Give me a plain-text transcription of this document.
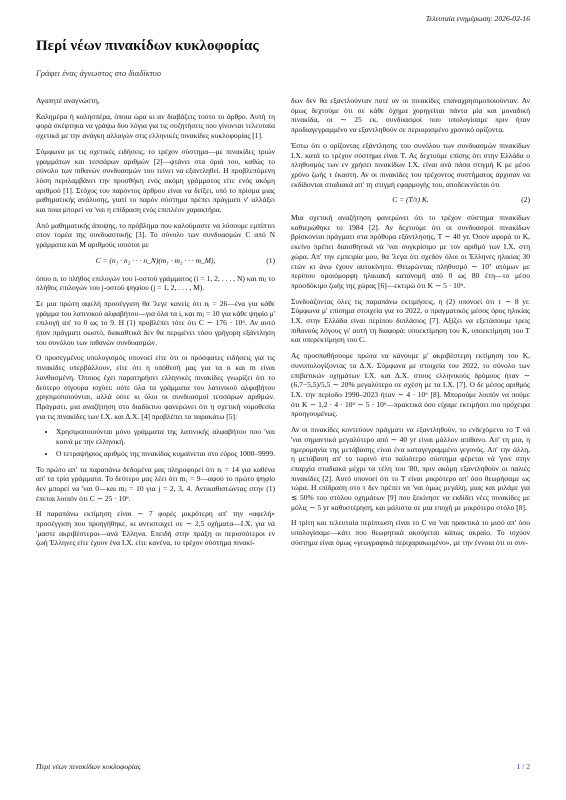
Τελευταία ενημέρωση: 2026-02-16
Περί νέων πινακίδων κυκλοφορίας
Γράφει ένας άγνωστος στο διαδίκτυο

Αγαπητέ αναγνώστη,

Καλημέρα ή καλησπέρα, όποια ώρα κι αν διαβάζεις τούτο το άρθρο. Αυτή τη φορά σκέφτηκα να γράψω δυο λόγια για τις συζητήσεις που γίνονται τελευταία σχετικά με την ανάγκη αλλαγών στις ελληνικές πινακίδες κυκλοφορίας [1].

Σύμφωνα με τις σχετικές ειδήσεις, το τρέχον σύστημα—με πινακίδες τριών γραμμάτων και τεσσάρων αριθμών [2]—φτάνει στα όριά του, καθώς το σύνολο των πιθανών συνδυασμών του τείνει να εξαντληθεί. Η προβλεπόμενη λύση περιλαμβάνει την προσθήκη ενός ακόμη γράμματος είτε ενός ακόμη αριθμού [1]. Στόχος του παρόντος άρθρου είναι να δείξει, υπό το πρίσμα μιας μαθηματικής ανάλυσης, γιατί το παρόν σύστημα πρέπει πράγματι ν' αλλάξει και ποια μπορεί να 'ναι η επίδραση ενός επιπλέον χαρακτήρα.

Από μαθηματικής άποψης, το πρόβλημα που καλούμαστε να λύσουμε εμπίπτει στον τομέα της συνδυαστικής [3]. Το σύνολο των συνδυασμών C από N γράμματα και M αριθμούς ισούται με

C = (n₁ · n₂ · · · n_N)(m₁ · m₂ · · · m_M),	(1)

όπου nᵢ το πλήθος επιλογών του i-οστού γράμματος (i = 1, 2, . . . , N) και mⱼ το πλήθος επιλογών του j-οστού ψηφίου (j = 1, 2, . . . , M).

Σε μια πρώτη αφελή προσέγγιση θα 'λεγε κανείς ότι nᵢ = 26—ένα για κάθε γράμμα του λατινικού αλφαβήτου—για όλα τα i, και mⱼ = 10 για κάθε ψηφίο μ' επιλογή απ' το 0 ως το 9. Η (1) προβλέπει τότε ότι C ∼ 176 · 10⁶. Αν αυτό ήταν πράγματι σωστό, διακαθτικά δεν θα περιμένει τόσο γρήγορη εξάντληση του συνόλου των πιθανών συνδυασμών.

Ο προσεγμένος υπολογισμός υπονοεί είτε ότι οι πρόσφατες ειδήσεις για τις πινακίδες υπερβάλλουν, είτε ότι η υπόθεσή μας για τα n και m είναι λανθασμένη. Όποιος έχει παρατηρήσει ελληνικές πινακίδες γνωρίζει ότι το δεύτερο σίγουρα ισχύει: ούτε όλα τα γράμματα του λατινικού αλφαβήτου χρησιμοποιούνται, αλλά ούτε κι όλοι οι συνδυασμοί τεσσάρων αριθμών. Πράγματι, μια αναζήτηση στο διαδίκτυο φανερώνει ότι η σχετική νομοθεσία για τις πινακίδες των Ι.Χ. και Δ.Χ. [4] προβλέπει τα παρακάτω [5]:

• Χρησιμοποιούνται μόνο γράμματα της λατινικής αλφαβήτου που 'ναι κοινά με την ελληνική.
• Ο τετραψήφιος αριθμός της πινακίδας κυμαίνεται στο εύρος 1000–9999.

Το πρώτο απ' τα παραπάνω δεδομένα μας πληροφορεί ότι nᵢ = 14 για καθένα απ' τα τρία γράμματα. Το δεύτερο μας λέει ότι m₁ = 9—αφού το πρώτο ψηφίο δεν μπορεί να 'ναι 0—και mⱼ = 10 για j = 2, 3, 4. Αντικαθιστώντας στην (1) έπεται λοιπόν ότι C ∼ 25 · 10⁶.

Η παραπάνω εκτίμηση είναι ∼ 7 φορές μικρότερη απ' την «αφελή» προσέγγιση που προηγήθηκε, κι αντιστοιχεί σε ∼ 2,5 οχήματα—Ι.Χ. για νά 'μαστε ακριβέστεροι—ανά Έλληνα. Επειδή στην πράξη οι περισσότεροι εν ζωή Έλληνες είτε έχουν ένα Ι.Χ. είτε κανένα, το τρέχον σύστημα πινακί-

δων δεν θα εξαντλούνταν ποτέ αν οι πινακίδες επαναχρησιμοποιούνταν. Αν όμως δεχτούμε ότι σε κάθε όχημα χορηγείται πάντα μία και μοναδική πινακίδα, οι ∼ 25 εκ. συνδυασμοί που υπολογίσαμε πριν ήταν προδιαγεγραμμένο να εξαντληθούν σε περιορισμένο χρονικό ορίζοντα.

Έστω ότι ο ορίζοντας εξάντλησης του συνόλου των συνδυασμών πινακίδων Ι.Χ. κατά το τρέχον σύστημα είναι T. Ας δεχτούμε επίσης ότι στην Ελλάδα ο πληθυσμός των εν χρήσει πινακίδων Ι.Χ. είναι ανά πάσα στιγμή K με μέσο χρόνο ζωής τ έκαστη. Αν οι πινακίδες του τρέχοντος συστήματος άρχισαν να εκδίδονται σταδιακά απ' τη στιγμή εφαρμογής του, αποδεικνύεται ότι

C = (T/τ) K.	(2)

Μια σχετική αναζήτηση φανερώνει ότι το τρέχον σύστημα πινακίδων καθιερώθηκε το 1984 [2]. Αν δεχτούμε ότι οι συνδυασμοί πινακίδων βρίσκονται πράγματι στα πρόθυρα εξάντλησης, T ∼ 40 yr. Όσον αφορά το K, εκείνο πρέπει διαισθητικά νά 'ναι συγκρίσιμο με τον αριθμό των Ι.Χ. στη χώρα. Απ' την εμπειρία μου, θα 'λεγα ότι σχεδόν όλοι οι Έλληνες ηλικίας 30 ετών κι άνω έχουν αυτοκίνητο. Θεωρώντας πληθυσμό ∼ 10⁷ ατόμων με περίπου ομοιόμορφη ηλικιακή κατανομή από 0 ως 80 έτη—το μέσο προσδόκιμο ζωής της χώρας [6]—εκτιμώ ότι K ∼ 5 · 10⁶.

Συνδυάζοντας όλες τις παραπάνω εκτιμήσεις, η (2) υπονοεί ότι τ ∼ 8 yr. Σύμφωνα μ' επίσημα στοιχεία για το 2022, ο πραγματικός μέσος όρος ηλικίας Ι.Χ. στην Ελλάδα είναι περίπου διπλάσιος [7]. Αξίζει να εξετάσουμε τρεις πιθανούς λόγους γι' αυτή τη διαφορά: υποεκτίμηση του K, υποεκτίμηση του T και υπερεκτίμηση του C.

Ας προσπαθήσουμε πρώτα να κάνουμε μ' ακριβέστερη εκτίμηση του K, συνυπολογίζοντας τα Δ.Χ. Σύμφωνα με στοιχεία του 2022, το σύνολο των επιβατικών οχημάτων Ι.Χ. και Δ.Χ. στους ελληνικούς δρόμους ήταν ∼ (6,7−5,5)/5,5 ∼ 20% μεγαλύτερο σε σχέση με τα Ι.Χ. [7]. Ο δε μέσος αριθμός Ι.Χ. την περίοδο 1990–2023 ήταν ∼ 4 · 10⁶ [8]. Μπορούμε λοιπόν να πούμε ότι K ∼ 1,2 · 4 · 10⁶ ∼ 5 · 10⁶—πρακτικά όσο είχαμε εκτιμήσει πιο πρόχειρα προηγουμένως.

Αν οι πινακίδες κοντεύουν πράγματι να εξαντληθούν, το ενδεχόμενο το T νά 'ναι σημαντικά μεγαλύτερο από ∼ 40 yr είναι μάλλον απίθανο. Απ' τη μια, η ημερομηνία της μετάβασης είναι ένα καταγεγραμμένο γεγονός. Απ' την άλλη, η μετάβαση απ' το τωρινό στο παλιότερο σύστημα φέρεται νά 'γινε στην επαρχία σταδιακά μέχρι τα τέλη του '80, πριν ακόμη εξαντληθούν οι παλιές πινακίδες [2]. Αυτό υπονοεί ότι το T είναι μικρότερο απ' όσο θεωρήσαμε ως τώρα. Η επίδραση στο τ δεν πρέπει να 'ναι όμως μεγάλη, μιας και μιλάμε για ≲ 50% του στόλου οχημάτων [9] που ξεκίνησε να εκδίδει νέες πινακίδες με μόλις ∼ 5 yr καθυστέρηση, και μάλιστα σε μια εποχή με μικρότερο στόλο [8].

Η τρίτη και τελευταία περίπτωση είναι το C να 'ναι πρακτικά το μισό απ' όσο υπολογίσαμε—κάτι που θεωρητικά ακούγεται κάπως ακραίο. Το ισχύον σύστημα είναι όμως «γεωγραφικά περιχαρακωμένο», με την έννοια ότι οι συν-

Περί νέων πινακίδων κυκλοφορίας	1 / 2
